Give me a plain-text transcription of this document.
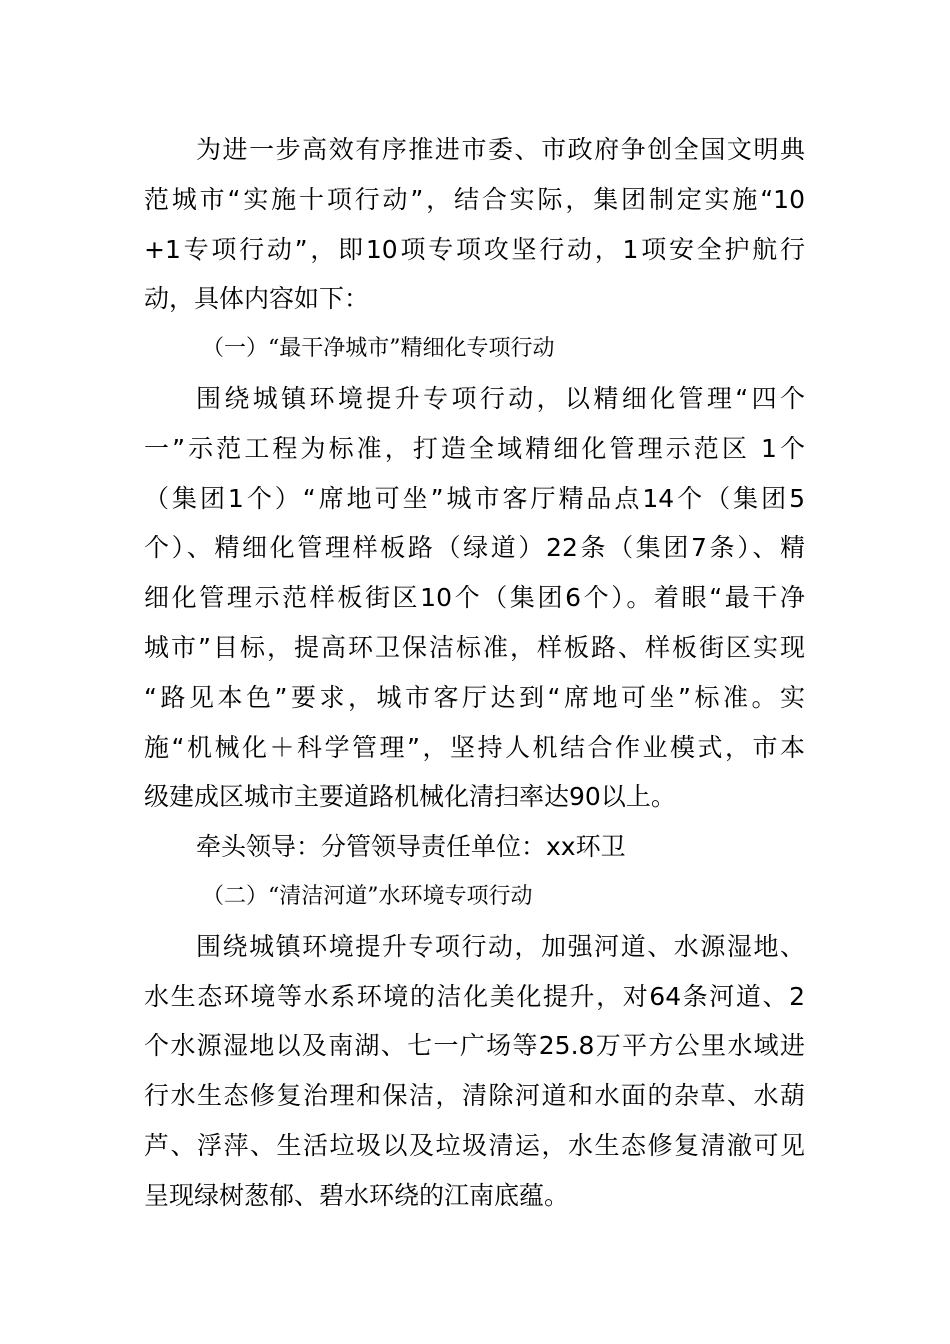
为进一步高效有序推进市委、市政府争创全国文明典
范城市“实施十项行动”，结合实际，集团制定实施“10
+1专项行动”，即10项专项攻坚行动，1项安全护航行
动，具体内容如下：
（一）“最干净城市”精细化专项行动
围绕城镇环境提升专项行动，以精细化管理“四个
一”示范工程为标准，打造全域精细化管理示范区 1个
（集团1个）“席地可坐”城市客厅精品点14个（集团5
个）、精细化管理样板路（绿道）22条（集团7条）、精
细化管理示范样板街区10个（集团6个）。着眼“最干净
城市”目标，提高环卫保洁标准，样板路、样板街区实现
“路见本色”要求，城市客厅达到“席地可坐”标准。实
施“机械化＋科学管理”，坚持人机结合作业模式，市本
级建成区城市主要道路机械化清扫率达90以上。
牵头领导：分管领导责任单位：xx环卫
（二）“清洁河道”水环境专项行动
围绕城镇环境提升专项行动，加强河道、水源湿地、
水生态环境等水系环境的洁化美化提升，对64条河道、2
个水源湿地以及南湖、七一广场等25.8万平方公里水域进
行水生态修复治理和保洁，清除河道和水面的杂草、水葫
芦、浮萍、生活垃圾以及垃圾清运，水生态修复清澈可见
呈现绿树葱郁、碧水环绕的江南底蕴。
